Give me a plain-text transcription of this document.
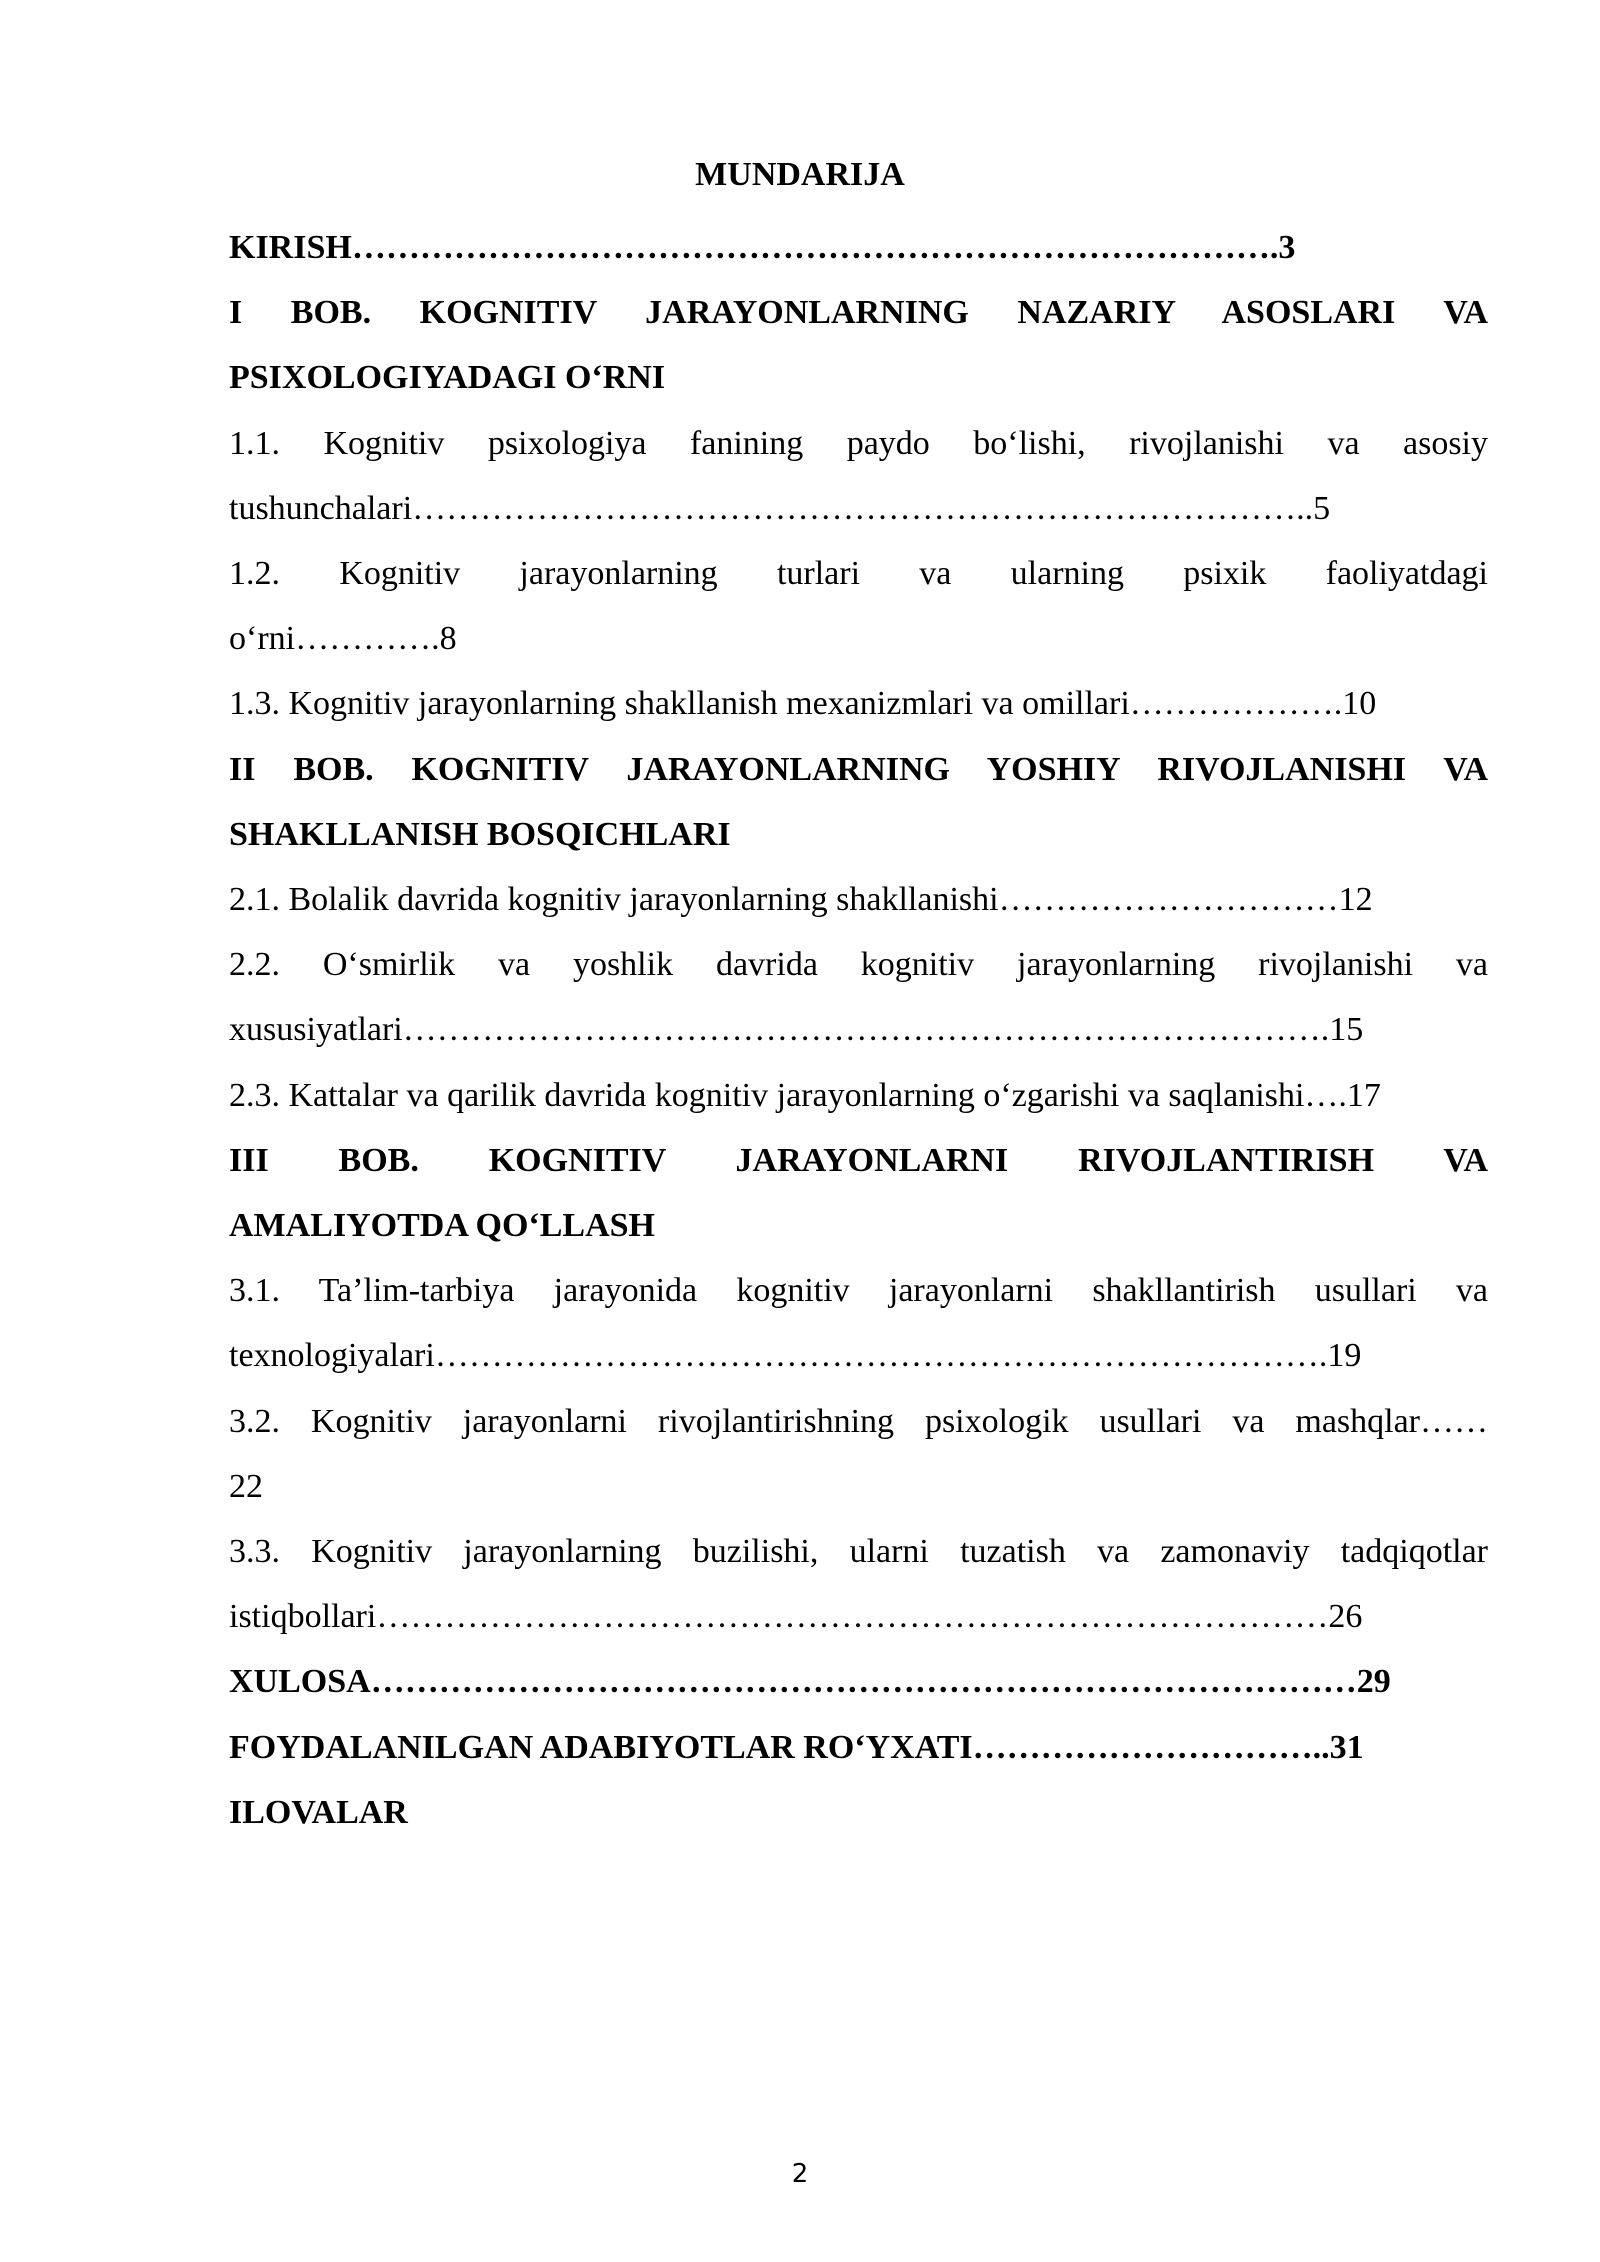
MUNDARIJA

KIRISH……………………………………………………………………….3

I BOB. KOGNITIV JARAYONLARNING NAZARIY ASOSLARI VA

PSIXOLOGIYADAGI O‘RNI

1.1. Kognitiv psixologiya fanining paydo bo‘lishi, rivojlanishi va asosiy

tushunchalari……………………………………………………………………..5

1.2. Kognitiv jarayonlarning turlari va ularning psixik faoliyatdagi

o‘rni………….8

1.3. Kognitiv jarayonlarning shakllanish mexanizmlari va omillari……………….10

II BOB. KOGNITIV JARAYONLARNING YOSHIY RIVOJLANISHI VA

SHAKLLANISH BOSQICHLARI

2.1. Bolalik davrida kognitiv jarayonlarning shakllanishi…………………………12

2.2. O‘smirlik va yoshlik davrida kognitiv jarayonlarning rivojlanishi va

xususiyatlari……………………………………………………………………….15

2.3. Kattalar va qarilik davrida kognitiv jarayonlarning o‘zgarishi va saqlanishi….17

III BOB. KOGNITIV JARAYONLARNI RIVOJLANTIRISH VA

AMALIYOTDA QO‘LLASH

3.1. Ta’lim-tarbiya jarayonida kognitiv jarayonlarni shakllantirish usullari va

texnologiyalari…………………………………………………………………….19

3.2. Kognitiv jarayonlarni rivojlantirishning psixologik usullari va mashqlar……

22

3.3. Kognitiv jarayonlarning buzilishi, ularni tuzatish va zamonaviy tadqiqotlar

istiqbollari…………………………………………………………………………26

XULOSA……………………………………………………………………………29

FOYDALANILGAN ADABIYOTLAR RO‘YXATI…………………………..31

ILOVALAR

2
